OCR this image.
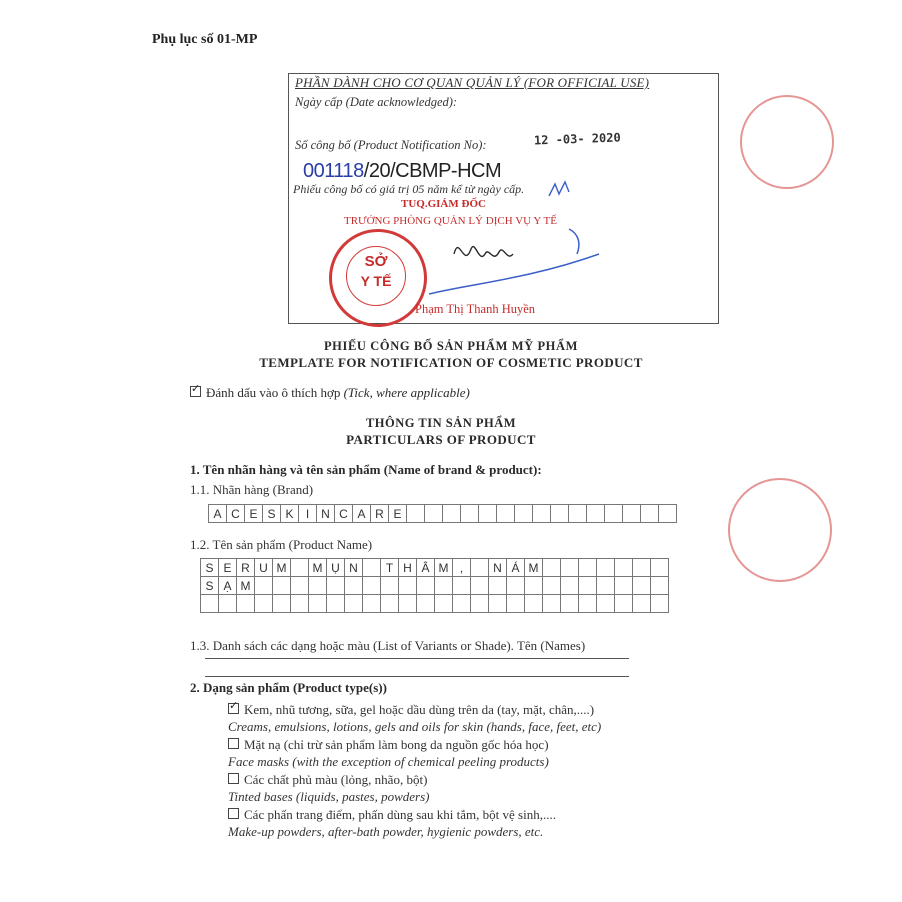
Phụ lục số 01-MP
PHẦN DÀNH CHO CƠ QUAN QUẢN LÝ (FOR OFFICIAL USE)
Ngày cấp (Date acknowledged):
Số công bố (Product Notification No):	12 -03- 2020
001118/20/CBMP-HCM
Phiếu công bố có giá trị 05 năm kể từ ngày cấp.
TUQ.GIÁM ĐỐC
TRƯỞNG PHÒNG QUẢN LÝ DỊCH VỤ Y TẾ
SỞ
Y TẾ
Phạm Thị Thanh Huyền
PHIẾU CÔNG BỐ SẢN PHẨM MỸ PHẨM
TEMPLATE FOR NOTIFICATION OF COSMETIC PRODUCT
✓Đánh dấu vào ô thích hợp (Tick, where applicable)
THÔNG TIN SẢN PHẨM
PARTICULARS OF PRODUCT
1. Tên nhãn hàng và tên sản phẩm (Name of brand & product):
1.1. Nhãn hàng (Brand)
A	C	E	S	K	I	N	C	A	R	E															
1.2. Tên sản phẩm (Product Name)
S	E	R	U	M		M	Ụ	N		T	H	Â	M	,		N	Á	M							
S	Ạ	M																							

1.3. Danh sách các dạng hoặc màu (List of Variants or Shade). Tên (Names)
2. Dạng sản phẩm (Product type(s))
✓Kem, nhũ tương, sữa, gel hoặc dầu dùng trên da (tay, mặt, chân,....)
Creams, emulsions, lotions, gels and oils for skin (hands, face, feet, etc)
Mặt nạ (chỉ trừ sản phẩm làm bong da nguồn gốc hóa học)
Face masks (with the exception of chemical peeling products)
Các chất phủ màu (lỏng, nhão, bột)
Tinted bases (liquids, pastes, powders)
Các phấn trang điểm, phấn dùng sau khi tắm, bột vệ sinh,....
Make-up powders, after-bath powder, hygienic powders, etc.
